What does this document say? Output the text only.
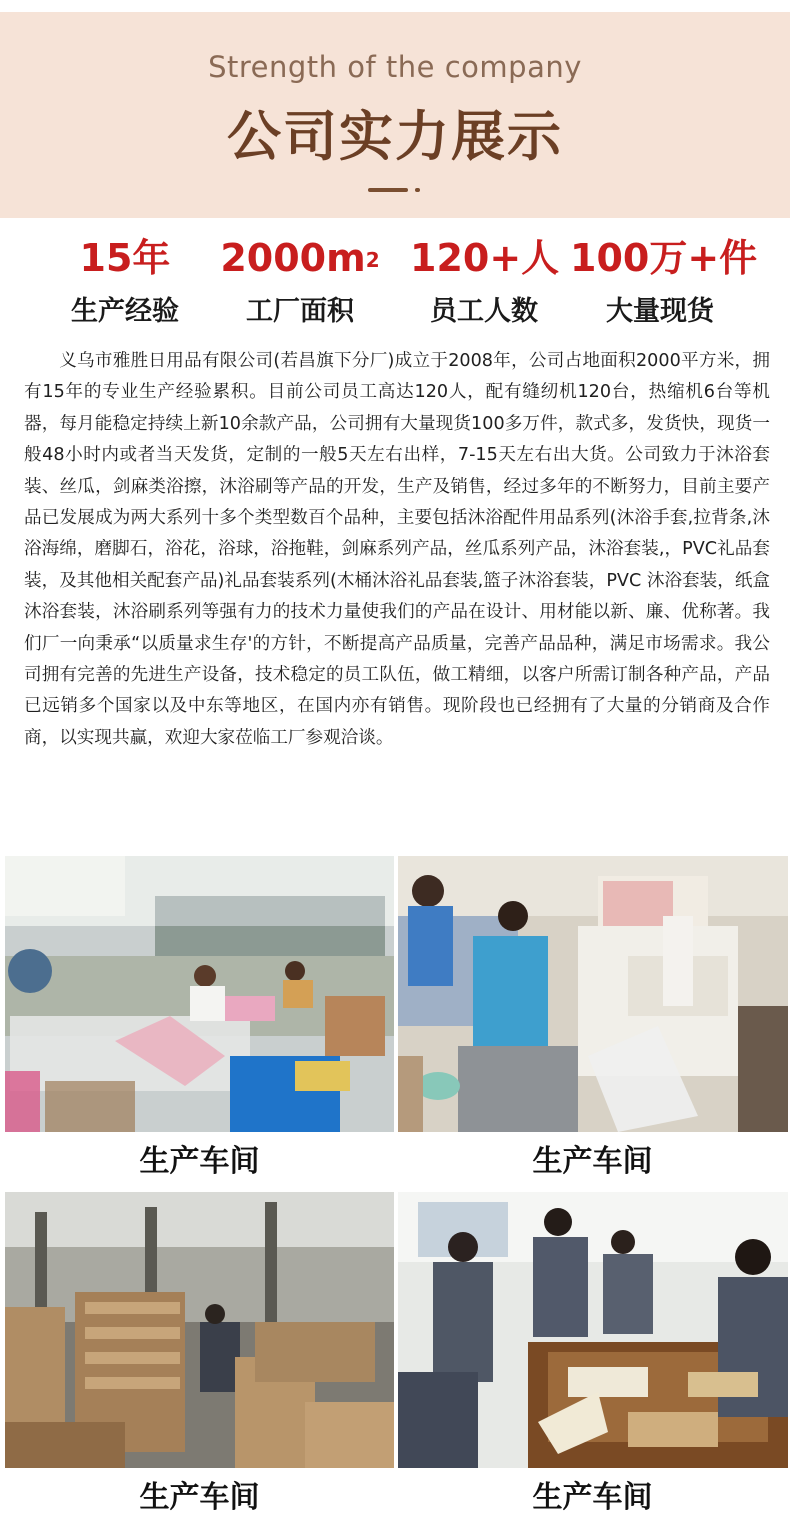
Strength of the company
公司实力展示
15年
生产经验
$2000m^2$
工厂面积
120+人
员工人数
100万+件
大量现货

义乌市雅胜日用品有限公司(若昌旗下分厂)成立于2008年，公司占地面积2000平方米，拥有15年的专业生产经验累积。目前公司员工高达120人，配有缝纫机120台，热缩机6台等机器，每月能稳定持续上新10余款产品，公司拥有大量现货100多万件，款式多，发货快，现货一般48小时内或者当天发货，定制的一般5天左右出样，7-15天左右出大货。公司致力于沐浴套装、丝瓜，剑麻类浴擦，沐浴刷等产品的开发，生产及销售，经过多年的不断努力，目前主要产品已发展成为两大系列十多个类型数百个品种，主要包括沐浴配件用品系列(沐浴手套,拉背条,沐浴海绵，磨脚石，浴花，浴球，浴拖鞋，剑麻系列产品，丝瓜系列产品，沐浴套装,，PVC礼品套装，及其他相关配套产品)礼品套装系列(木桶沐浴礼品套装,篮子沐浴套装，PVC 沐浴套装，纸盒沐浴套装，沐浴刷系列等强有力的技术力量使我们的产品在设计、用材能以新、廉、优称著。我们厂一向秉承“以质量求生存'的方针，不断提高产品质量，完善产品品种，满足市场需求。我公司拥有完善的先进生产设备，技术稳定的员工队伍，做工精细，以客户所需订制各种产品，产品已远销多个国家以及中东等地区，在国内亦有销售。现阶段也已经拥有了大量的分销商及合作商，以实现共赢，欢迎大家莅临工厂参观洽谈。

生产车间	生产车间
生产车间	生产车间
